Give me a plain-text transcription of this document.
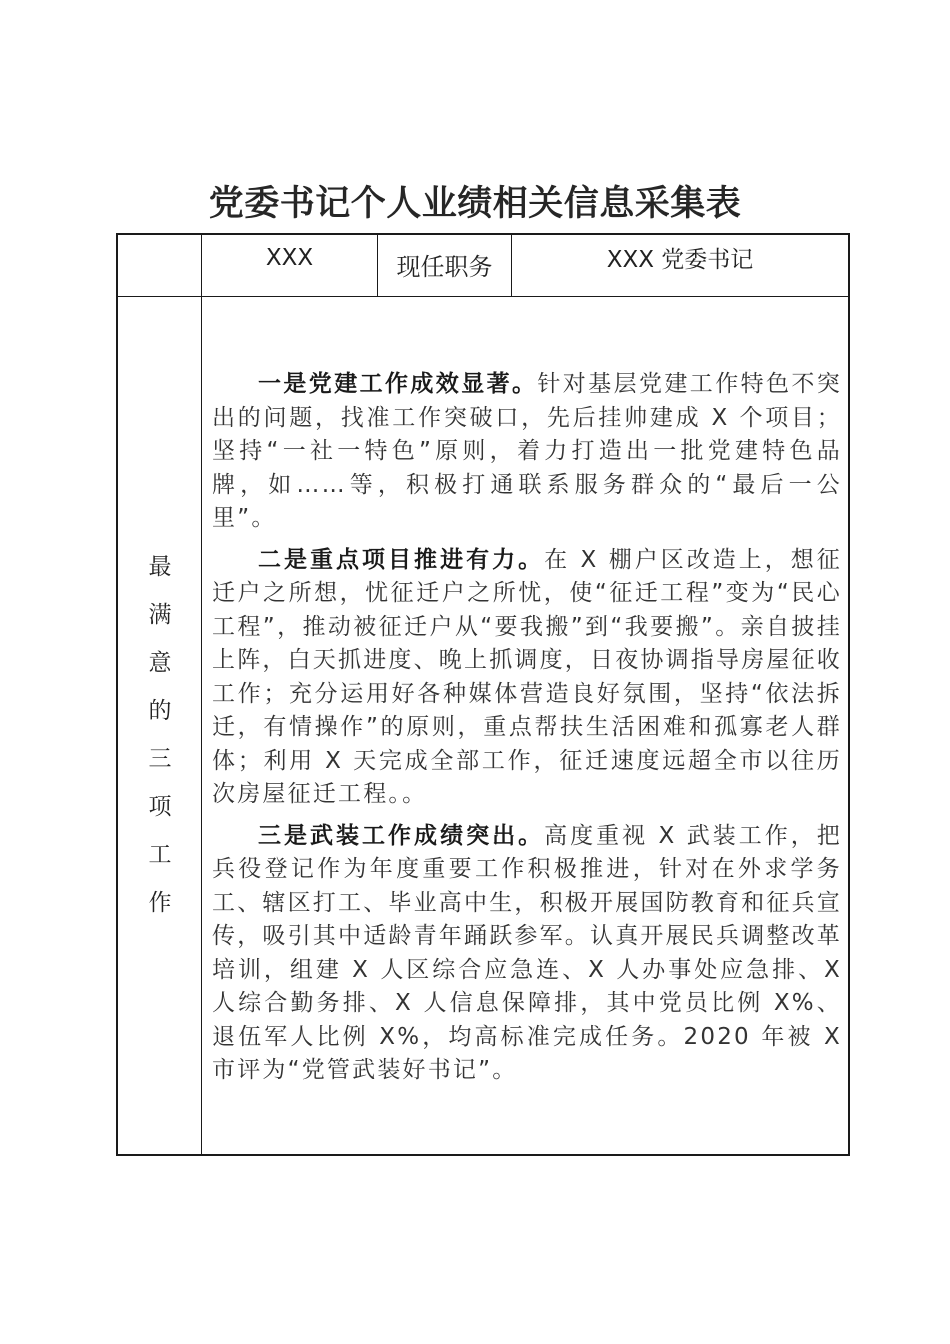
党委书记个人业绩相关信息采集表
XXX	现任职务	XXX 党委书记
最
满
意
的
三
项
工
作

一是党建工作成效显著。针对基层党建工作特色不突出的问题，找准工作突破口，先后挂帅建成 X 个项目；坚持“一社一特色”原则，着力打造出一批党建特色品牌，如……等，积极打通联系服务群众的“最后一公里”。

二是重点项目推进有力。在 X 棚户区改造上，想征迁户之所想，忧征迁户之所忧，使“征迁工程”变为“民心工程”，推动被征迁户从“要我搬”到“我要搬”。亲自披挂上阵，白天抓进度、晚上抓调度，日夜协调指导房屋征收工作；充分运用好各种媒体营造良好氛围，坚持“依法拆迁，有情操作”的原则，重点帮扶生活困难和孤寡老人群体；利用 X 天完成全部工作，征迁速度远超全市以往历次房屋征迁工程。。

三是武装工作成绩突出。高度重视 X 武装工作，把兵役登记作为年度重要工作积极推进，针对在外求学务工、辖区打工、毕业高中生，积极开展国防教育和征兵宣传，吸引其中适龄青年踊跃参军。认真开展民兵调整改革培训，组建 X 人区综合应急连、X 人办事处应急排、X 人综合勤务排、X 人信息保障排，其中党员比例 X%、退伍军人比例 X%，均高标准完成任务。2020 年被 X 市评为“党管武装好书记”。
